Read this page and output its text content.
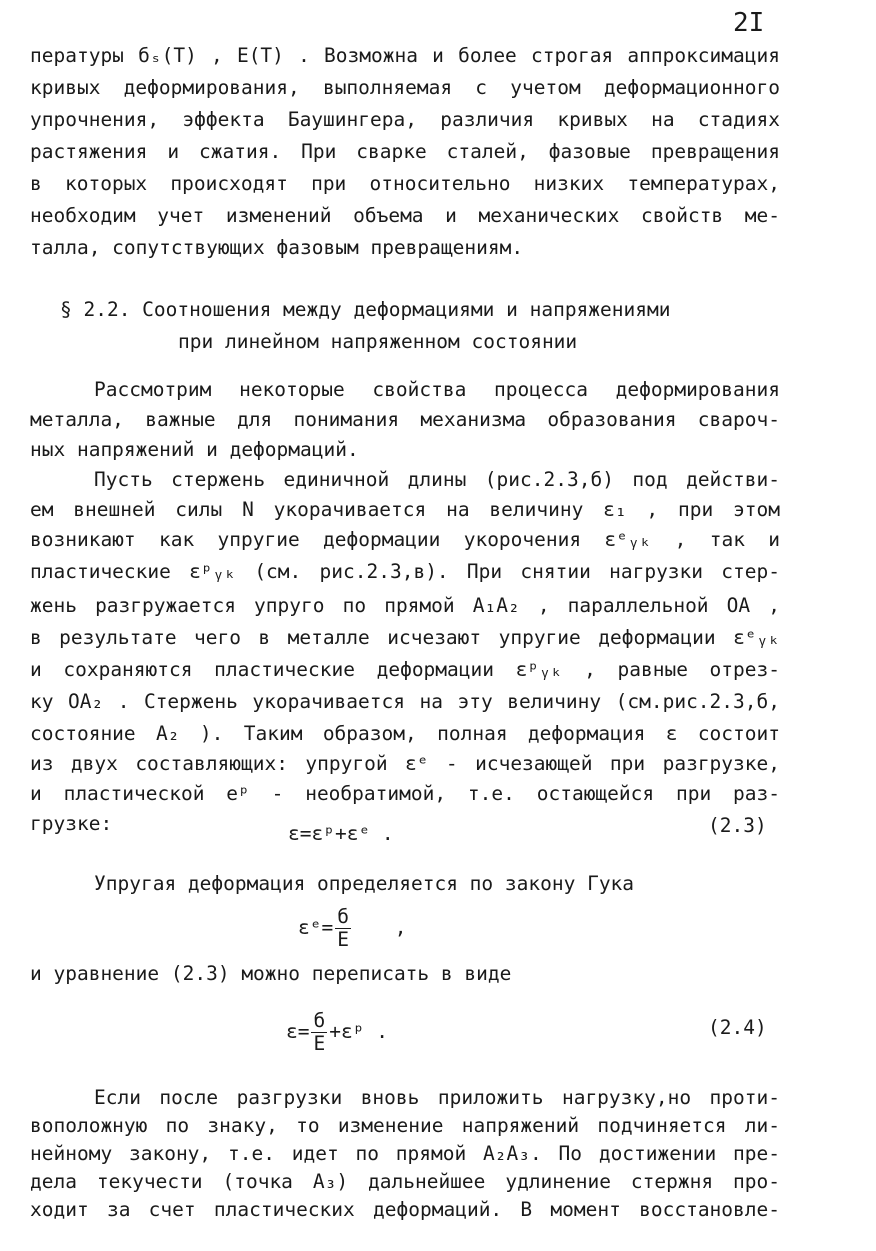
2I
пературы бₛ(T) , E(T) . Возможна и более строгая аппроксимация
кривых деформирования, выполняемая с учетом деформационного
упрочнения, эффекта Баушингера, различия кривых на стадиях
растяжения и сжатия. При сварке сталей, фазовые превращения
в которых происходят при относительно низких температурах,
необходим учет изменений объема и механических свойств ме-
талла, сопутствующих фазовым превращениям.
§ 2.2. Соотношения между деформациями и напряжениями
при линейном напряженном состоянии
Рассмотрим некоторые свойства процесса деформирования
металла, важные для понимания механизма образования свароч-
ных напряжений и деформаций.
Пусть стержень единичной длины (рис.2.3,б) под действи-
ем внешней силы N укорачивается на величину ε₁ , при этом
возникают как упругие деформации укорочения εᵉᵧₖ , так и
пластические εᵖᵧₖ (см. рис.2.3,в). При снятии нагрузки стер-
жень разгружается упруго по прямой A₁A₂ , параллельной OA ,
в результате чего в металле исчезают упругие деформации εᵉᵧₖ
и сохраняются пластические деформации εᵖᵧₖ , равные отрез-
ку OA₂ . Стержень укорачивается на эту величину (см.рис.2.3,б,
состояние A₂ ). Таким образом, полная деформация ε состоит
из двух составляющих: упругой εᵉ - исчезающей при разгрузке,
и пластической eᵖ - необратимой, т.е. остающейся при раз-
грузке:	ε=εᵖ+εᵉ .	(2.3)
Упругая деформация определяется по закону Гука
εᵉ= $\frac{б}{E}$ ,
и уравнение (2.3) можно переписать в виде
$\varepsilon= \frac{б}{E}$ +εᵖ .	(2.4)
Если после разгрузки вновь приложить нагрузку,но проти-
воположную по знаку, то изменение напряжений подчиняется ли-
нейному закону, т.е. идет по прямой A₂A₃. По достижении пре-
дела текучести (точка A₃) дальнейшее удлинение стержня про-
ходит за счет пластических деформаций. В момент восстановле-
